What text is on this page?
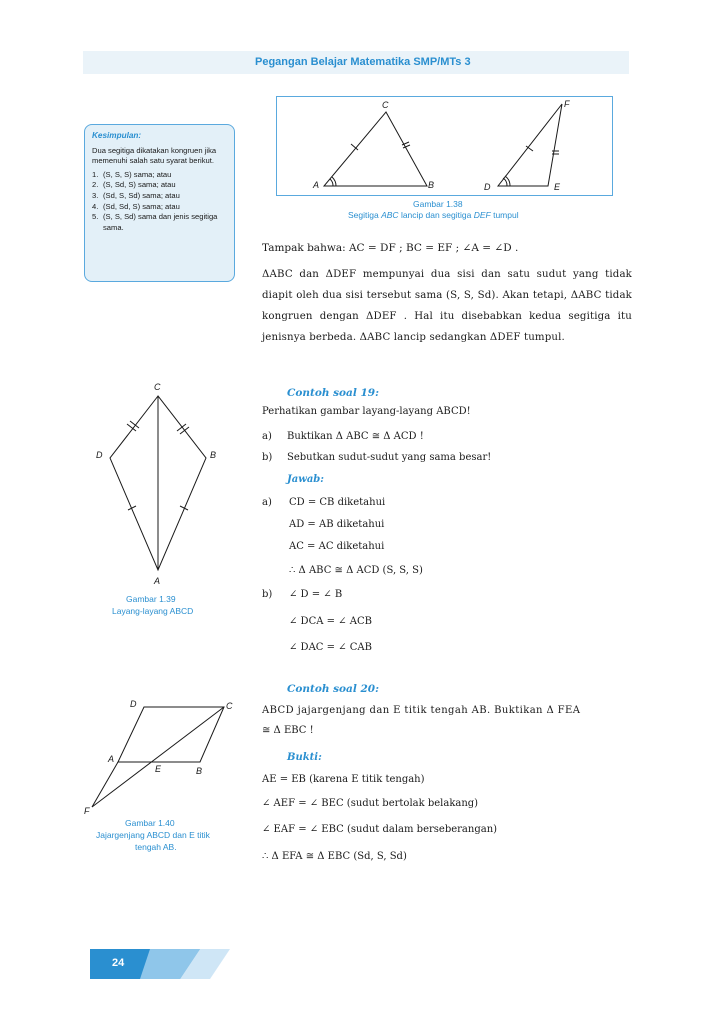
Pegangan Belajar Matematika SMP/MTs 3
C	F
A	B	D	E
Gambar 1.38
Segitiga ABC lancip dan segitiga DEF tumpul
Kesimpulan:
Dua segitiga dikatakan kongruen jika memenuhi salah satu syarat berikut.
1. (S, S, S) sama; atau
2. (S, Sd, S) sama; atau
3. (Sd, S, Sd) sama; atau
4. (Sd, Sd, S) sama; atau
5. (S, S, Sd) sama dan jenis segitiga sama.
Tampak bahwa: AC = DF ; BC = EF ; ∠A = ∠D .
ΔABC dan ΔDEF mempunyai dua sisi dan satu sudut yang tidak diapit oleh dua sisi tersebut sama (S, S, Sd). Akan tetapi, ΔABC tidak kongruen dengan ΔDEF . Hal itu disebabkan kedua segitiga itu jenisnya berbeda. ΔABC lancip sedangkan ΔDEF tumpul.
C
D	B
A
Gambar 1.39
Layang-layang ABCD
Contoh soal 19:
Perhatikan gambar layang-layang ABCD!
a) Buktikan Δ ABC ≅ Δ ACD !
b) Sebutkan sudut-sudut yang sama besar!
Jawab:
a) CD = CB diketahui
AD = AB diketahui
AC = AC diketahui
∴ Δ ABC ≅ Δ ACD (S, S, S)
b) ∠ D = ∠ B
∠ DCA = ∠ ACB
∠ DAC = ∠ CAB
D	C
A
E	B
F
Gambar 1.40
Jajargenjang ABCD dan E titik
tengah AB.
Contoh soal 20:
ABCD jajargenjang dan E titik tengah AB. Buktikan Δ FEA
≅ Δ EBC !
Bukti:
AE = EB (karena E titik tengah)
∠ AEF = ∠ BEC (sudut bertolak belakang)
∠ EAF = ∠ EBC (sudut dalam berseberangan)
∴ Δ EFA ≅ Δ EBC (Sd, S, Sd)
24
